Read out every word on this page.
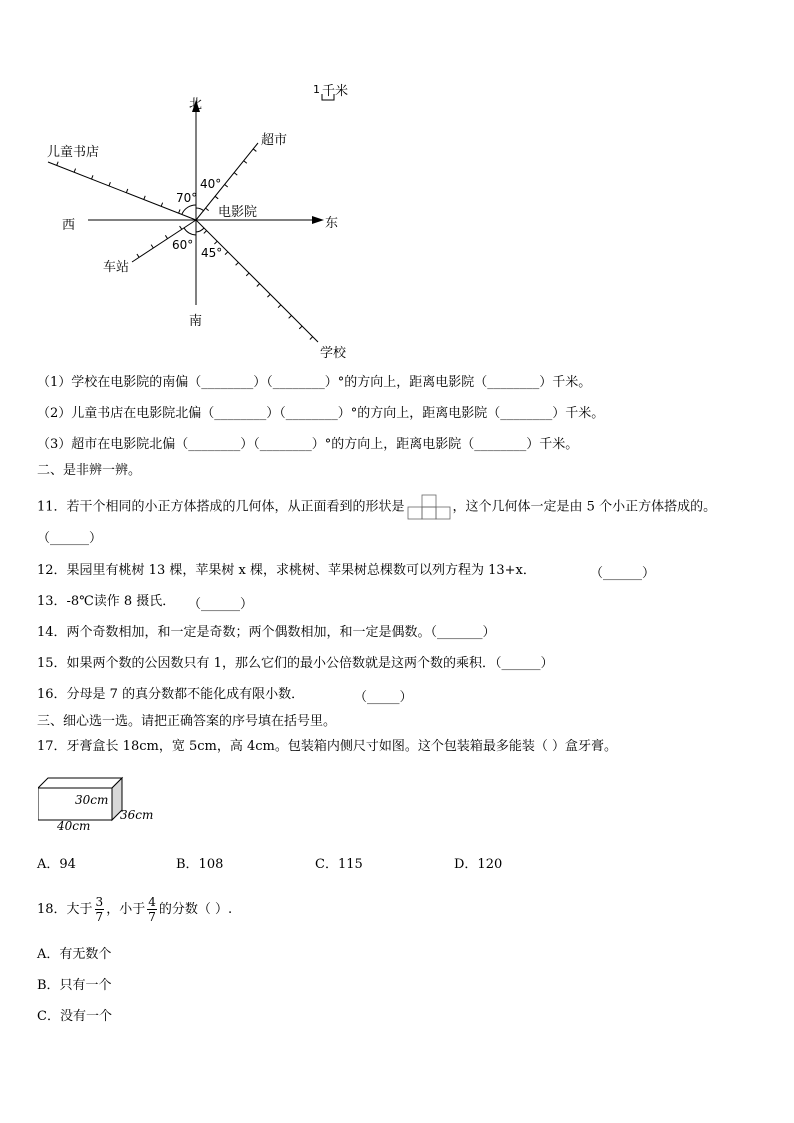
1 千米
北
南
东
西
儿童书店
超市
电影院
车站
学校
70°
40°
60°
45°
（1）学校在电影院的南偏（________）（________）°的方向上，距离电影院（________）千米。
（2）儿童书店在电影院北偏（________）（________）°的方向上，距离电影院（________）千米。
（3）超市在电影院北偏（________）（________）°的方向上，距离电影院（________）千米。
二、是非辨一辨。
11．若干个相同的小正方体搭成的几何体，从正面看到的形状是	，这个几何体一定是由 5 个小正方体搭成的。
（______）
12．果园里有桃树 13 棵，苹果树 x 棵，求桃树、苹果树总棵数可以列方程为 13+x．	（______）
13．-8℃读作 8 摄氏． （______）
14．两个奇数相加，和一定是奇数；两个偶数相加，和一定是偶数。（_______）
15．如果两个数的公因数只有 1，那么它们的最小公倍数就是这两个数的乘积．（______）
16．分母是 7 的真分数都不能化成有限小数．	（_____）
三、细心选一选。请把正确答案的序号填在括号里。
17．牙膏盒长 18cm，宽 5cm，高 4cm。包装箱内侧尺寸如图。这个包装箱最多能装（ ）盒牙膏。
30cm
36cm
40cm
A．94	B．108	C．115	D．120
18．大于 $\frac{3}{7}$ ，小于 $\frac{4}{7}$ 的分数（ ）.
A．有无数个
B．只有一个
C．没有一个
